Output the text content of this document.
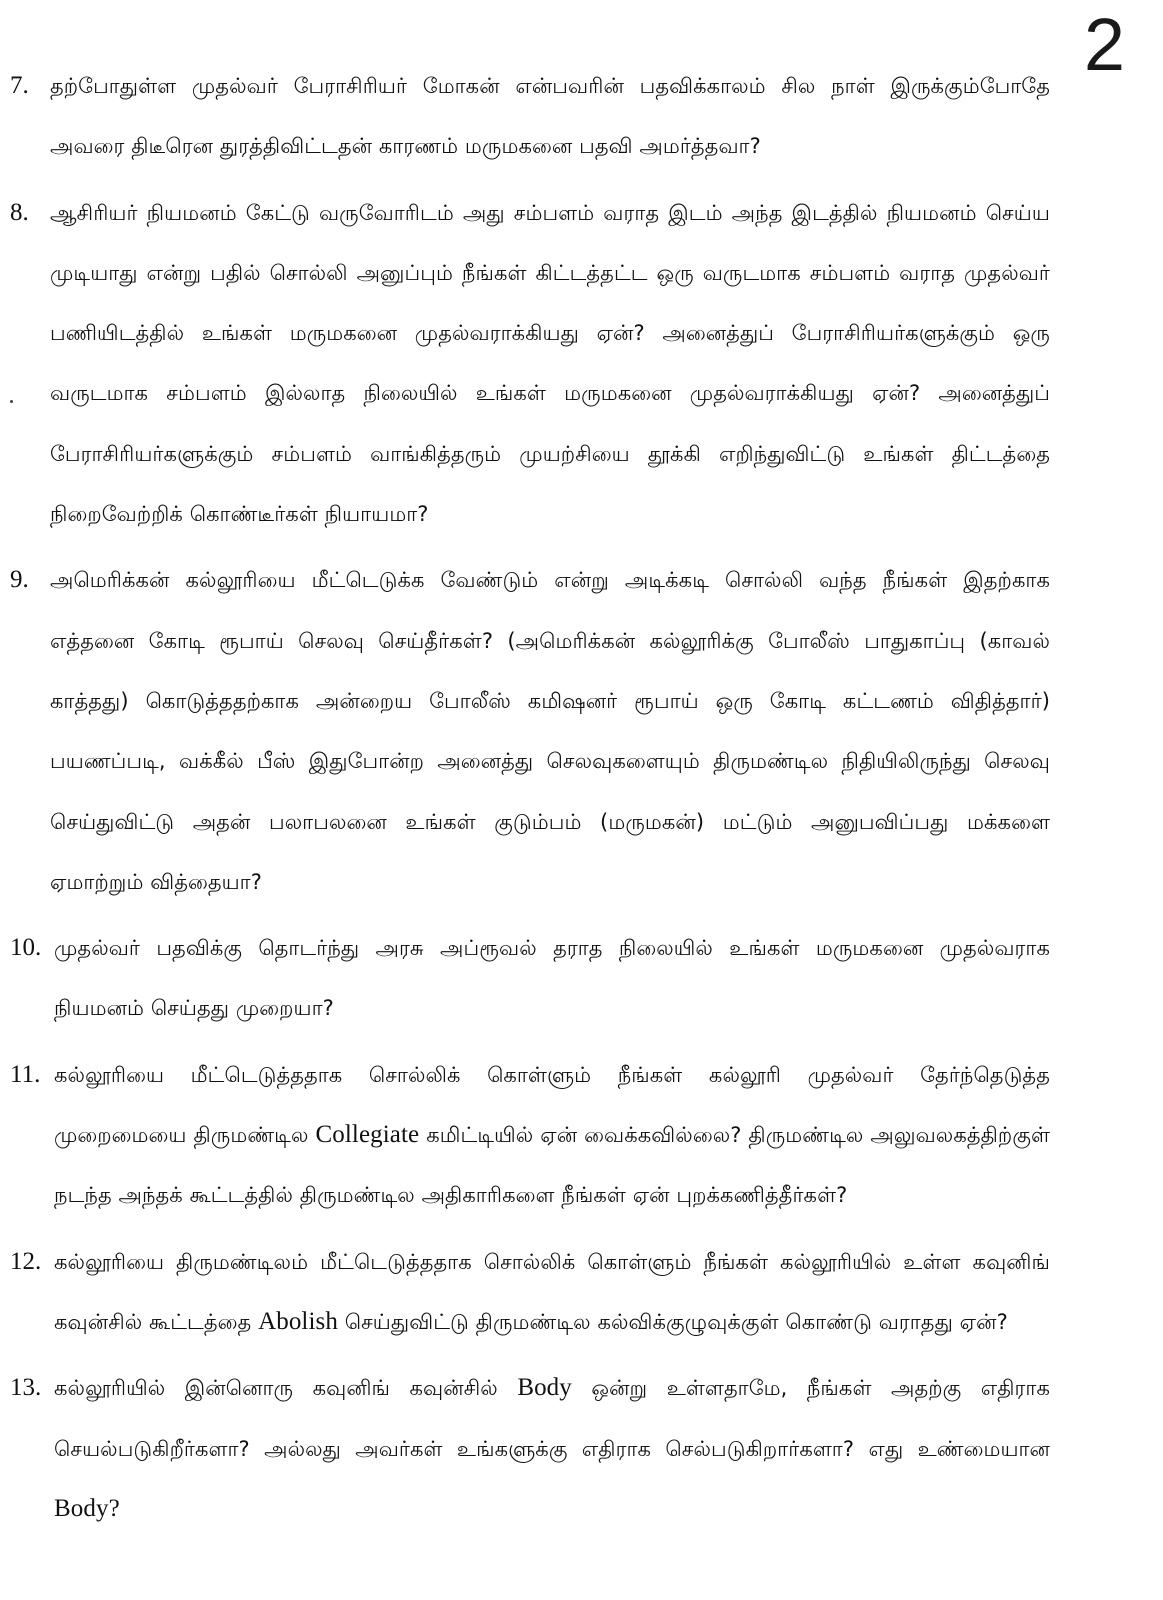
2
7. தற்போதுள்ள முதல்வர் பேராசிரியர் மோகன் என்பவரின் பதவிக்காலம் சில நாள் இருக்கும்போதே அவரை திடீரென துரத்திவிட்டதன் காரணம் மருமகனை பதவி அமர்த்தவா?
8. ஆசிரியர் நியமனம் கேட்டு வருவோரிடம் அது சம்பளம் வராத இடம் அந்த இடத்தில் நியமனம் செய்ய முடியாது என்று பதில் சொல்லி அனுப்பும் நீங்கள் கிட்டத்தட்ட ஒரு வருடமாக சம்பளம் வராத முதல்வர் பணியிடத்தில் உங்கள் மருமகனை முதல்வராக்கியது ஏன்? அனைத்துப் பேராசிரியர்களுக்கும் ஒரு வருடமாக சம்பளம் இல்லாத நிலையில் உங்கள் மருமகனை முதல்வராக்கியது ஏன்? அனைத்துப் பேராசிரியர்களுக்கும் சம்பளம் வாங்கித்தரும் முயற்சியை தூக்கி எறிந்துவிட்டு உங்கள் திட்டத்தை நிறைவேற்றிக் கொண்டீர்கள் நியாயமா?
9. அமெரிக்கன் கல்லூரியை மீட்டெடுக்க வேண்டும் என்று அடிக்கடி சொல்லி வந்த நீங்கள் இதற்காக எத்தனை கோடி ரூபாய் செலவு செய்தீர்கள்? (அமெரிக்கன் கல்லூரிக்கு போலீஸ் பாதுகாப்பு (காவல் காத்தது) கொடுத்ததற்காக அன்றைய போலீஸ் கமிஷனர் ரூபாய் ஒரு கோடி கட்டணம் விதித்தார்) பயணப்படி, வக்கீல் பீஸ் இதுபோன்ற அனைத்து செலவுகளையும் திருமண்டில நிதியிலிருந்து செலவு செய்துவிட்டு அதன் பலாபலனை உங்கள் குடும்பம் (மருமகன்) மட்டும் அனுபவிப்பது மக்களை ஏமாற்றும் வித்தையா?
10. முதல்வர் பதவிக்கு தொடர்ந்து அரசு அப்ரூவல் தராத நிலையில் உங்கள் மருமகனை முதல்வராக நியமனம் செய்தது முறையா?
11. கல்லூரியை மீட்டெடுத்ததாக சொல்லிக் கொள்ளும் நீங்கள் கல்லூரி முதல்வர் தேர்ந்தெடுத்த முறைமையை திருமண்டில Collegiate கமிட்டியில் ஏன் வைக்கவில்லை? திருமண்டில அலுவலகத்திற்குள் நடந்த அந்தக் கூட்டத்தில் திருமண்டில அதிகாரிகளை நீங்கள் ஏன் புறக்கணித்தீர்கள்?
12. கல்லூரியை திருமண்டிலம் மீட்டெடுத்ததாக சொல்லிக் கொள்ளும் நீங்கள் கல்லூரியில் உள்ள கவுனிங் கவுன்சில் கூட்டத்தை Abolish செய்துவிட்டு திருமண்டில கல்விக்குழுவுக்குள் கொண்டு வராதது ஏன்?
13. கல்லூரியில் இன்னொரு கவுனிங் கவுன்சில் Body ஒன்று உள்ளதாமே, நீங்கள் அதற்கு எதிராக செயல்படுகிறீர்களா? அல்லது அவர்கள் உங்களுக்கு எதிராக செல்படுகிறார்களா? எது உண்மையான Body?
